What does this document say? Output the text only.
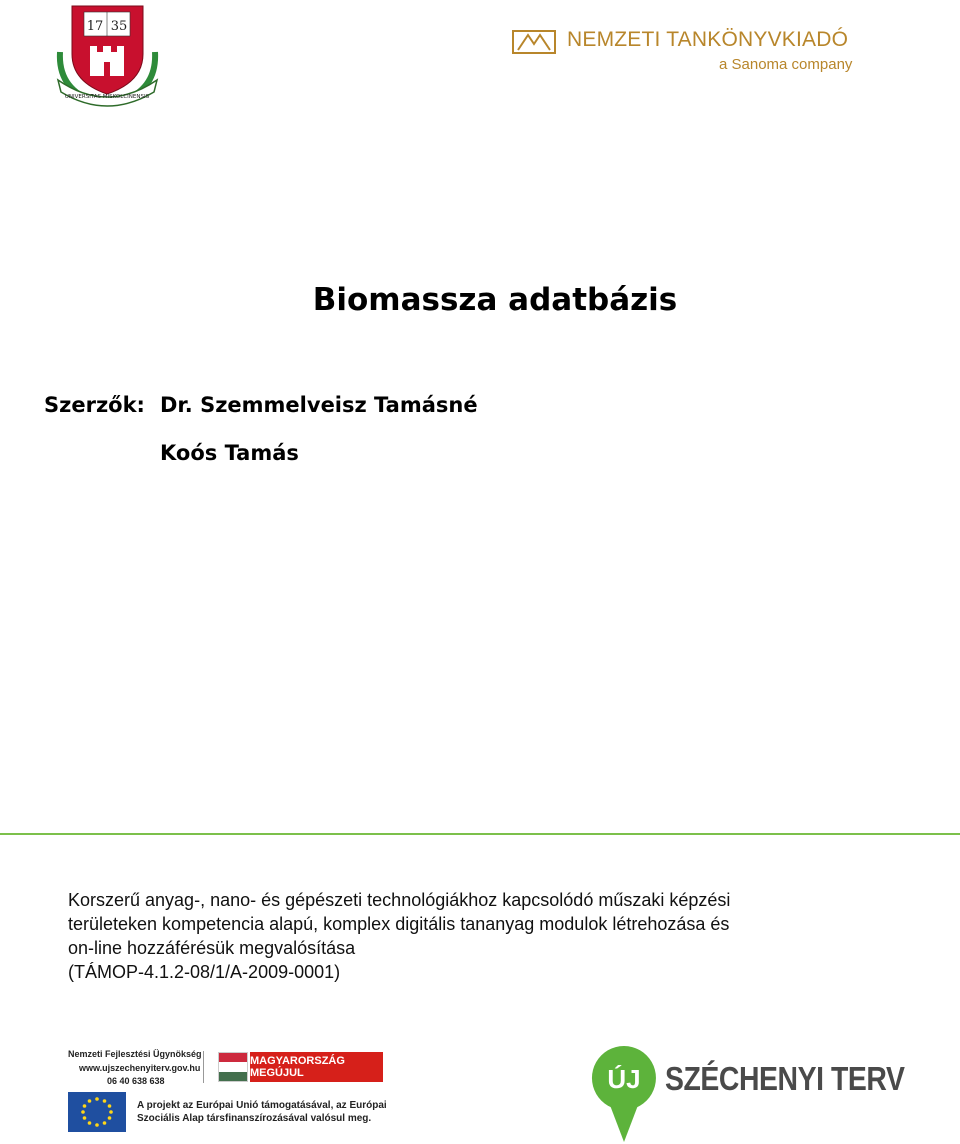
17 35
UNIVERSITAS MISKOLCINENSIS
NEMZETI TANKÖNYVKIADÓ
a Sanoma company
Biomassza adatbázis
Szerzők: Dr. Szemmelveisz Tamásné
Koós Tamás
Korszerű anyag-, nano- és gépészeti technológiákhoz kapcsolódó műszaki képzési
területeken kompetencia alapú, komplex digitális tananyag modulok létrehozása és
on-line hozzáférésük megvalósítása
(TÁMOP-4.1.2-08/1/A-2009-0001)
Nemzeti Fejlesztési Ügynökség
www.ujszechenyiterv.gov.hu
06 40 638 638
MAGYARORSZÁG MEGÚJUL
A projekt az Európai Unió támogatásával, az Európai
Szociális Alap társfinanszírozásával valósul meg.
ÚJ SZÉCHENYI TERV
